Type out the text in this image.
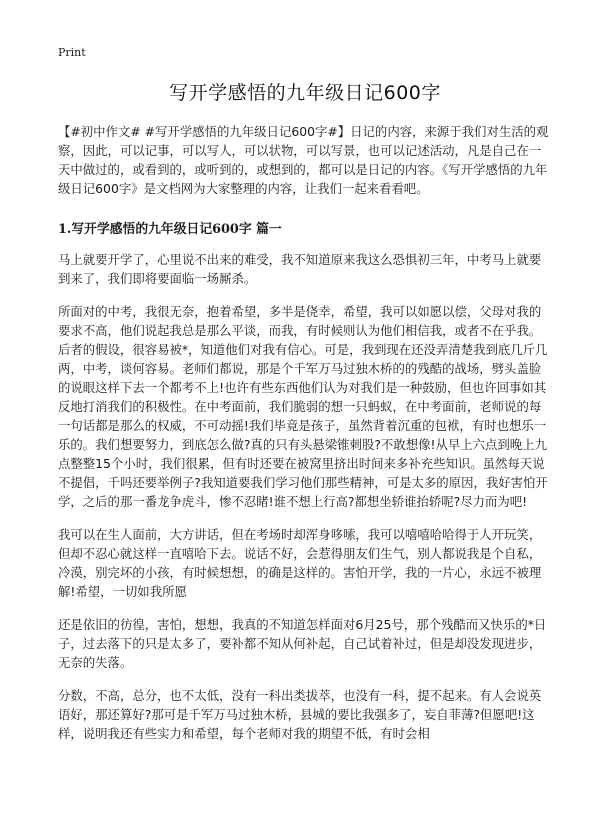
Print
写开学感悟的九年级日记600字

【#初中作文# #写开学感悟的九年级日记600字#】日记的内容，来源于我们对生活的观察，因此，可以记事，可以写人，可以状物，可以写景，也可以记述活动，凡是自己在一天中做过的，或看到的，或听到的，或想到的，都可以是日记的内容。《写开学感悟的九年级日记600字》是文档网为大家整理的内容，让我们一起来看看吧。

1.写开学感悟的九年级日记600字 篇一

马上就要开学了，心里说不出来的难受，我不知道原来我这么恐惧初三年，中考马上就要到来了，我们即将要面临一场厮杀。

所面对的中考，我很无奈，抱着希望，多半是侥幸，希望，我可以如愿以偿，父母对我的要求不高，他们说起我总是那么平谈，而我，有时候则认为他们相信我，或者不在乎我。后者的假设，很容易被*，知道他们对我有信心。可是，我到现在还没弄清楚我到底几斤几两，中考，谈何容易。老师们都说，那是个千军万马过独木桥的的残酷的战场，劈头盖脸的说眼这样下去一个都考不上!也许有些东西他们认为对我们是一种鼓励，但也许回事如其反地打消我们的积极性。在中考面前，我们脆弱的想一只蚂蚁，在中考面前，老师说的每一句话都是那么的权威，不可动摇!我们毕竟是孩子，虽然背着沉重的包袱，有时也想乐一乐的。我们想要努力，到底怎么做?真的只有头悬梁锥刺股?不敢想像!从早上六点到晚上九点整整15个小时，我们很累，但有时还要在被窝里挤出时间来多补充些知识。虽然每天说不提倡，千吗还要举例子?我知道要我们学习他们那些精神，可是太多的原因，我好害怕开学，之后的那一番龙争虎斗，惨不忍睹!谁不想上行高?都想坐轿谁抬轿呢?尽力而为吧!

我可以在生人面前，大方讲话，但在考场时却浑身哆嗦，我可以嘻嘻哈哈得于人开玩笑，但却不忍心就这样一直嘻哈下去。说话不好，会惹得朋友们生气，别人都说我是个自私，冷漠，别完坏的小孩，有时候想想，的确是这样的。害怕开学，我的一片心，永远不被理解!希望，一切如我所愿

还是依旧的彷徨，害怕，想想，我真的不知道怎样面对6月25号，那个残酷而又快乐的*日子，过去落下的只是太多了，要补都不知从何补起，自己试着补过，但是却没发现进步，无奈的失落。

分数，不高，总分，也不太低，没有一科出类拔萃，也没有一科，提不起来。有人会说英语好，那还算好?那可是千军万马过独木桥，县城的要比我强多了，妄自菲薄?但愿吧!这样，说明我还有些实力和希望，每个老师对我的期望不低，有时会相
